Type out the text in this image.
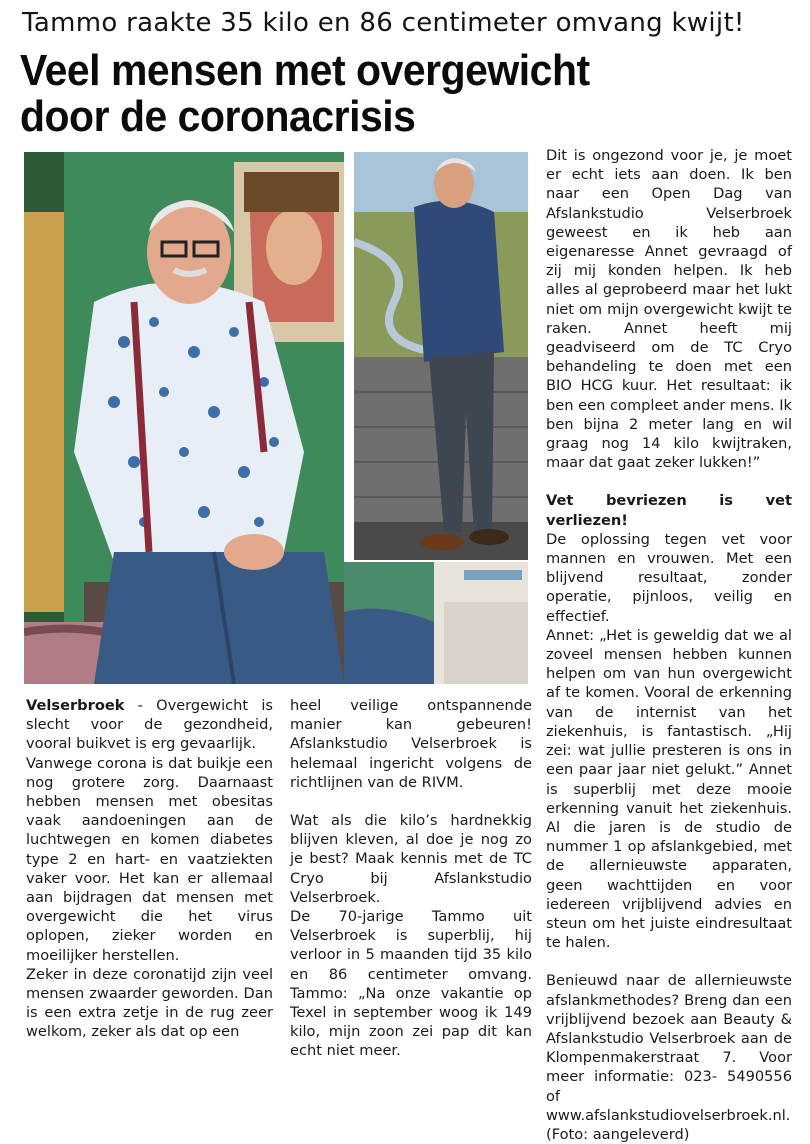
Tammo raakte 35 kilo en 86 centimeter omvang kwijt!
Veel mensen met overgewicht
door de coronacrisis

Velserbroek - Overgewicht is slecht voor de gezondheid, vooral buikvet is erg gevaarlijk.

Vanwege corona is dat buikje een nog grotere zorg. Daarnaast hebben mensen met obesitas vaak aandoeningen aan de luchtwegen en komen diabetes type 2 en hart- en vaatziekten vaker voor. Het kan er allemaal aan bijdragen dat mensen met overgewicht die het virus oplopen, zieker worden en moeilijker herstellen.

Zeker in deze coronatijd zijn veel mensen zwaarder geworden. Dan is een extra zetje in de rug zeer welkom, zeker als dat op een

heel veilige ontspannende manier kan gebeuren! Afslankstudio Velserbroek is helemaal ingericht volgens de richtlijnen van de RIVM.

Wat als die kilo’s hardnekkig blijven kleven, al doe je nog zo je best? Maak kennis met de TC Cryo bij Afslankstudio Velserbroek.

De 70-jarige Tammo uit Velserbroek is superblij, hij verloor in 5 maanden tijd 35 kilo en 86 centimeter omvang. Tammo: „Na onze vakantie op Texel in september woog ik 149 kilo, mijn zoon zei pap dit kan echt niet meer.

Dit is ongezond voor je, je moet er echt iets aan doen. Ik ben naar een Open Dag van Afslankstudio Velserbroek geweest en ik heb aan eigenaresse Annet gevraagd of zij mij konden helpen. Ik heb alles al geprobeerd maar het lukt niet om mijn overgewicht kwijt te raken. Annet heeft mij geadviseerd om de TC Cryo behandeling te doen met een BIO HCG kuur. Het resultaat: ik ben een compleet ander mens. Ik ben bijna 2 meter lang en wil graag nog 14 kilo kwijtraken, maar dat gaat zeker lukken!”

Vet bevriezen is vet verliezen!

De oplossing tegen vet voor mannen en vrouwen. Met een blijvend resultaat, zonder operatie, pijnloos, veilig en effectief.

Annet: „Het is geweldig dat we al zoveel mensen hebben kunnen helpen om van hun overgewicht af te komen. Vooral de erkenning van de internist van het ziekenhuis, is fantastisch. „Hij zei: wat jullie presteren is ons in een paar jaar niet gelukt.” Annet is superblij met deze mooie erkenning vanuit het ziekenhuis. Al die jaren is de studio de nummer 1 op afslankgebied, met de allernieuwste apparaten, geen wachttijden en voor iedereen vrijblijvend advies en steun om het juiste eindresultaat te halen.

Benieuwd naar de allernieuwste afslankmethodes? Breng dan een vrijblijvend bezoek aan Beauty & Afslankstudio Velserbroek aan de Klompenmakerstraat 7. Voor meer informatie: 023- 5490556 of www.afslankstudiovelserbroek.nl. (Foto: aangeleverd)
